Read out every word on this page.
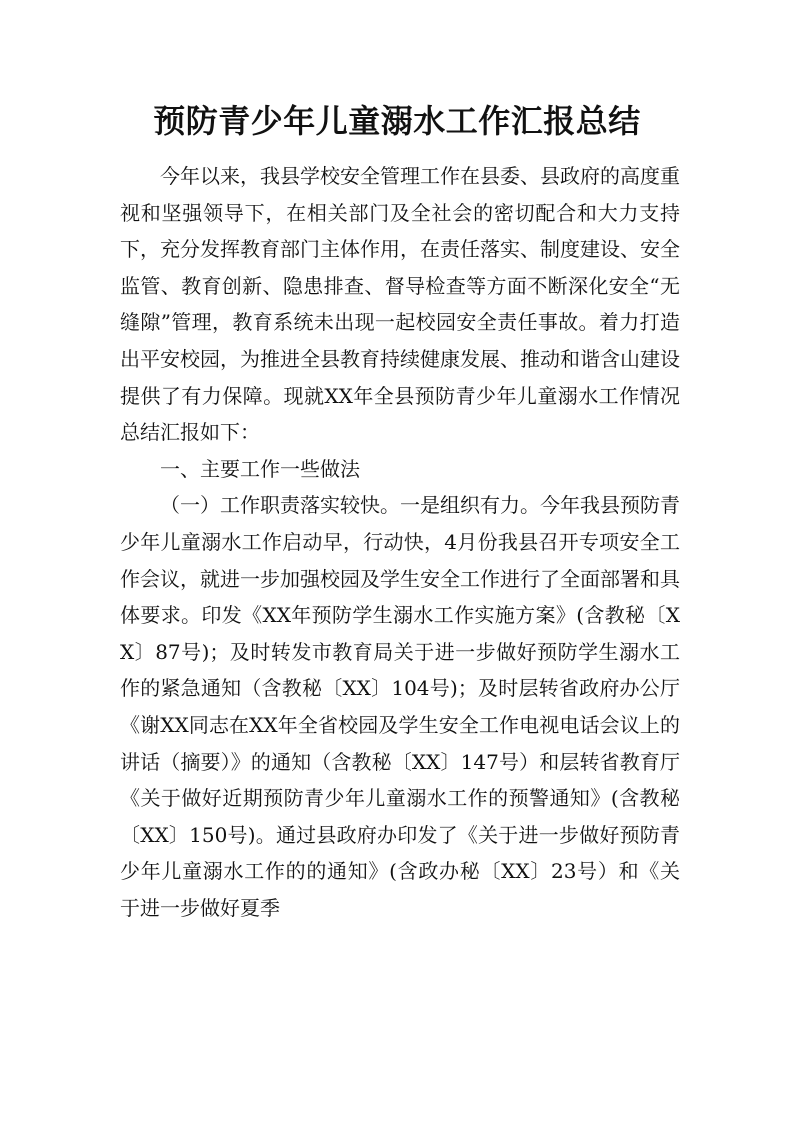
预防青少年儿童溺水工作汇报总结

今年以来，我县学校安全管理工作在县委、县政府的高度重视和坚强领导下，在相关部门及全社会的密切配合和大力支持下，充分发挥教育部门主体作用，在责任落实、制度建设、安全监管、教育创新、隐患排查、督导检查等方面不断深化安全“无缝隙”管理，教育系统未出现一起校园安全责任事故。着力打造出平安校园，为推进全县教育持续健康发展、推动和谐含山建设提供了有力保障。现就XX年全县预防青少年儿童溺水工作情况总结汇报如下：

一、主要工作一些做法

（一）工作职责落实较快。一是组织有力。今年我县预防青少年儿童溺水工作启动早，行动快，4月份我县召开专项安全工作会议，就进一步加强校园及学生安全工作进行了全面部署和具体要求。印发《XX年预防学生溺水工作实施方案》(含教秘〔XX〕87号)；及时转发市教育局关于进一步做好预防学生溺水工作的紧急通知（含教秘〔XX〕104号)；及时层转省政府办公厅《谢XX同志在XX年全省校园及学生安全工作电视电话会议上的讲话（摘要）》的通知（含教秘〔XX〕147号）和层转省教育厅《关于做好近期预防青少年儿童溺水工作的预警通知》(含教秘〔XX〕150号)。通过县政府办印发了《关于进一步做好预防青少年儿童溺水工作的的通知》(含政办秘〔XX〕23号）和《关于进一步做好夏季
